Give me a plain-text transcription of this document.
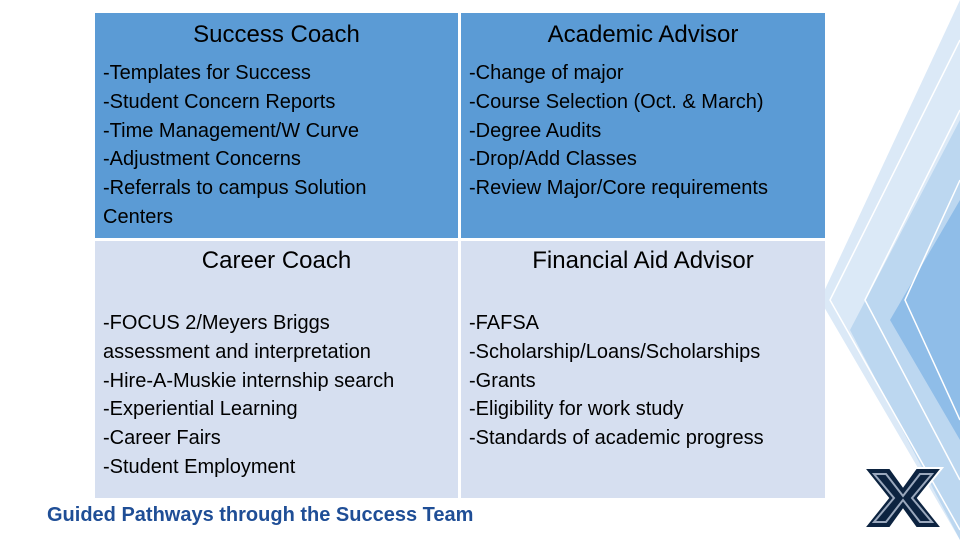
Success Coach
-Templates for Success
-Student Concern Reports
-Time Management/W Curve
-Adjustment Concerns
-Referrals to campus Solution
Centers
Academic Advisor
-Change of major
-Course Selection (Oct. & March)
-Degree Audits
-Drop/Add Classes
-Review Major/Core requirements
Career Coach
-FOCUS 2/Meyers Briggs
assessment and interpretation
-Hire-A-Muskie internship search
-Experiential Learning
-Career Fairs
-Student Employment
Financial Aid Advisor
-FAFSA
-Scholarship/Loans/Scholarships
-Grants
-Eligibility for work study
-Standards of academic progress
Guided Pathways through the Success Team
